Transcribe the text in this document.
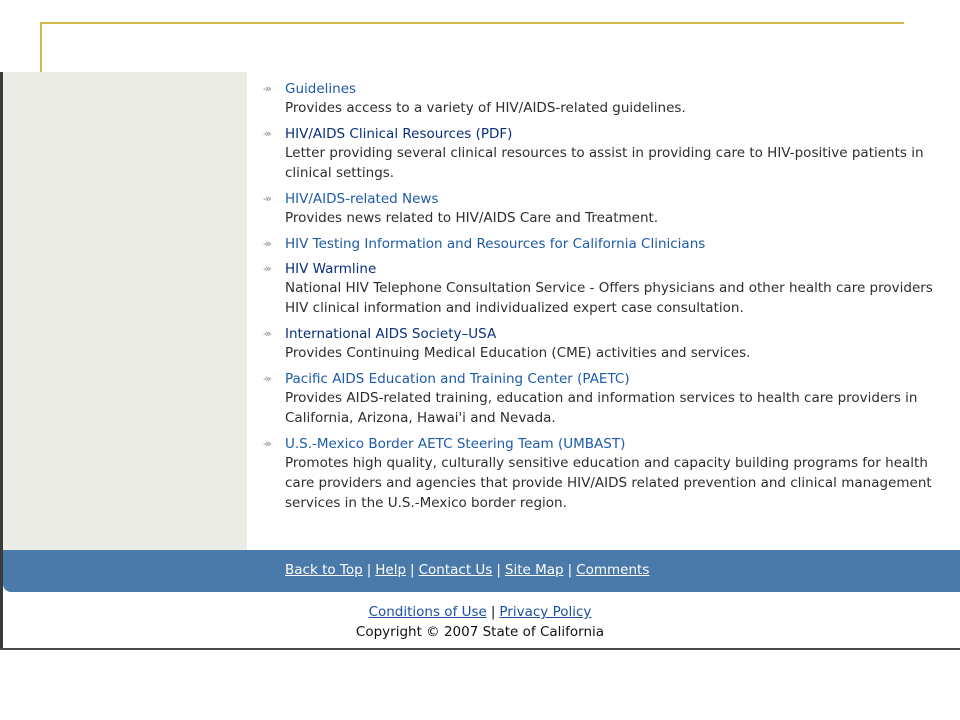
-»	Guidelines
Provides access to a variety of HIV/AIDS-related guidelines.
-»	HIV/AIDS Clinical Resources (PDF)
Letter providing several clinical resources to assist in providing care to HIV-positive patients in clinical settings.
-»	HIV/AIDS-related News
Provides news related to HIV/AIDS Care and Treatment.
-»	HIV Testing Information and Resources for California Clinicians
-»	HIV Warmline
National HIV Telephone Consultation Service - Offers physicians and other health care providers HIV clinical information and individualized expert case consultation.
-»	International AIDS Society–USA
Provides Continuing Medical Education (CME) activities and services.
-»	Pacific AIDS Education and Training Center (PAETC)
Provides AIDS-related training, education and information services to health care providers in California, Arizona, Hawai'i and Nevada.
-»	U.S.-Mexico Border AETC Steering Team (UMBAST)
Promotes high quality, culturally sensitive education and capacity building programs for health care providers and agencies that provide HIV/AIDS related prevention and clinical management services in the U.S.-Mexico border region.
Back to Top | Help | Contact Us | Site Map | Comments
Conditions of Use | Privacy Policy
Copyright © 2007 State of California
